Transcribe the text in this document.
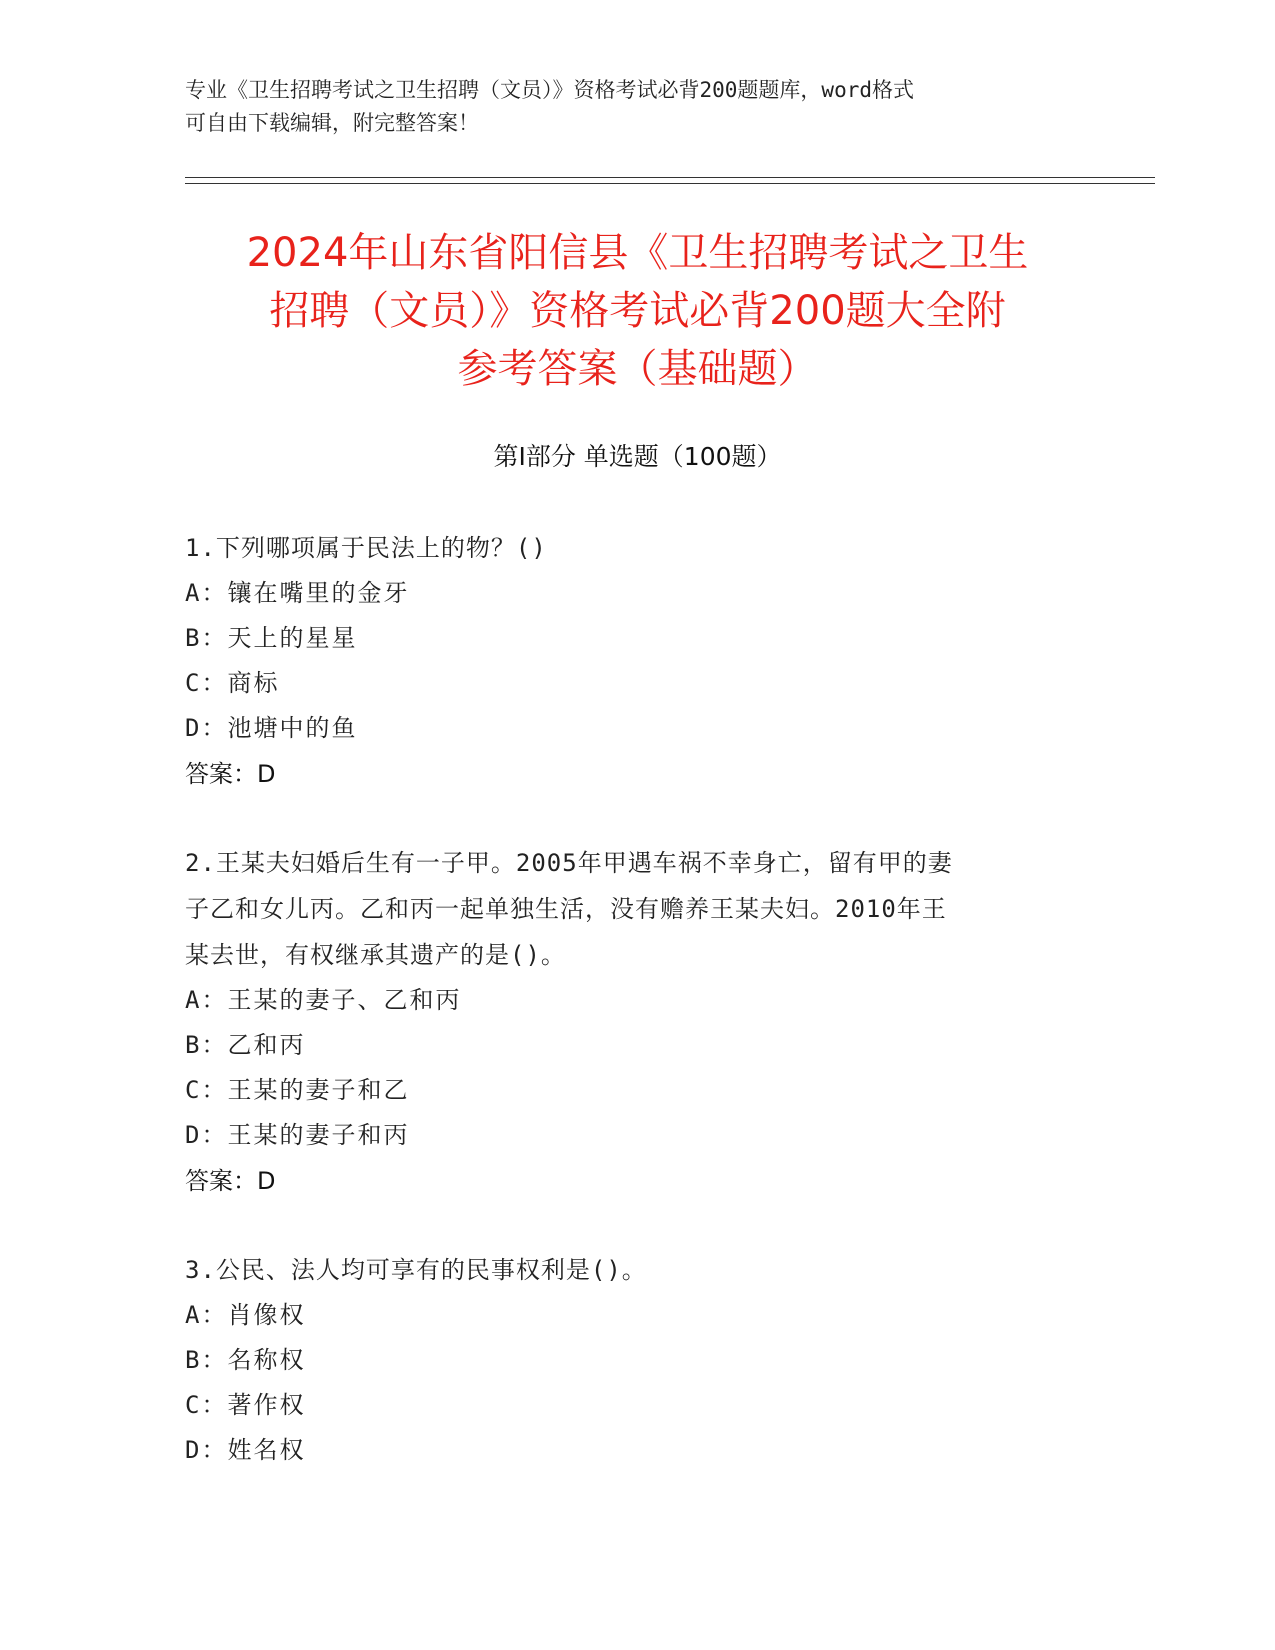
专业《卫生招聘考试之卫生招聘（文员）》资格考试必背200题题库，word格式
可自由下载编辑，附完整答案！
2024年山东省阳信县《卫生招聘考试之卫生
招聘（文员）》资格考试必背200题大全附
参考答案（基础题）
第I部分 单选题（100题）

1.下列哪项属于民法上的物？()

A：镶在嘴里的金牙

B：天上的星星

C：商标

D：池塘中的鱼

答案：D

2.王某夫妇婚后生有一子甲。2005年甲遇车祸不幸身亡，留有甲的妻

子乙和女儿丙。乙和丙一起单独生活，没有赡养王某夫妇。2010年王

某去世，有权继承其遗产的是()。

A：王某的妻子、乙和丙

B：乙和丙

C：王某的妻子和乙

D：王某的妻子和丙

答案：D

3.公民、法人均可享有的民事权利是()。

A：肖像权

B：名称权

C：著作权

D：姓名权
